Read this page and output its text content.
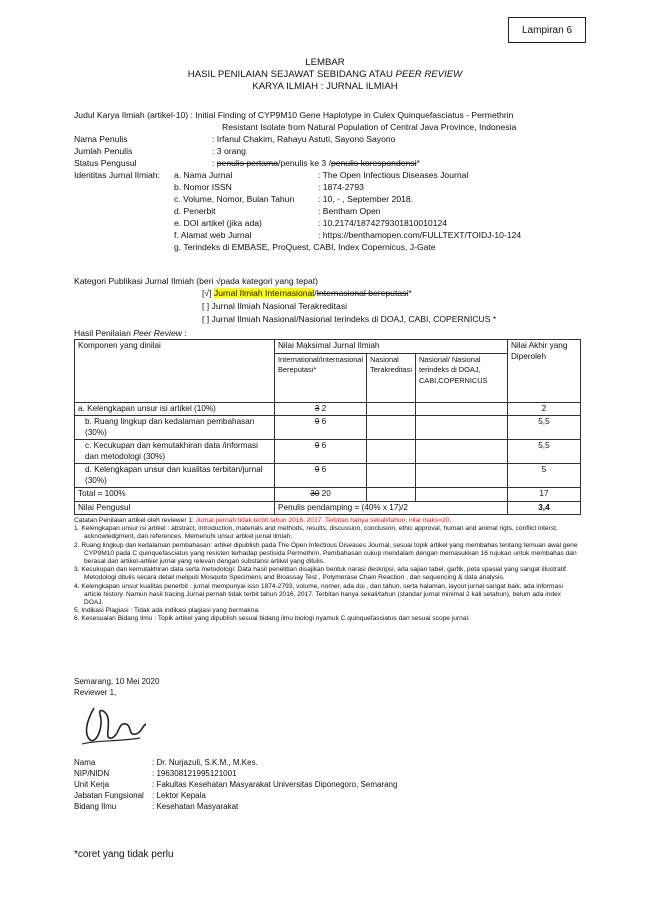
Lampiran 6
LEMBAR
HASIL PENILAIAN SEJAWAT SEBIDANG ATAU PEER REVIEW
KARYA ILMIAH : JURNAL ILMIAH
Judul Karya Ilmiah (artikel-10) : Initial Finding of CYP9M10 Gene Haplotype in Culex Quinquefasciatus - Permethrin
Resistant Isolate from Natural Population of Central Java Province, Indonesia
Nama Penulis	: Irfanul Chakim, Rahayu Astuti, Sayono Sayono
Jumlah Penulis	: 3 orang
Status Pengusul	: penulis pertama/penulis ke 3 /penulis korespondensi*
Identitas Jurnal Ilmiah: a. Nama Jurnal	: The Open Infectious Diseases Journal
b. Nomor ISSN	: 1874-2793
c. Volume, Nomor, Bulan Tahun	: 10, - , September 2018.
d. Penerbit	: Bentham Open
e. DOI artikel (jika ada)	: 10.2174/1874279301810010124
f. Alamat web Jurnal	: https://benthamopen.com/FULLTEXT/TOIDJ-10-124
g. Terindeks di EMBASE, ProQuest, CABI, Index Copernicus, J-Gate
Kategori Publikasi Jurnal Ilmiah (beri √pada kategori yang tepat)
[√] Jurnal Ilmiah Internasional/Internasional bereputasi*
[ ] Jurnal Ilmiah Nasional Terakreditasi
[ ] Jurnal Ilmiah Nasional/Nasional terindeks di DOAJ, CABI, COPERNICUS *
Hasil Penilaian Peer Review :
Komponen yang dinilai	Nilai Maksimal Jurnal Ilmiah			Nilai Akhir yang Diperoleh
	International/Internasional Bereputasi*	Nasional Terakreditasi	Nasional/ Nasional terindeks di DOAJ, CABI,COPERNICUS	
a. Kelengkapan unsur isi artikel (10%)	3 2			2
b. Ruang lingkup dan kedalaman pembahasan (30%)	9 6			5,5
c. Kecukupan dan kemutakhiran data /informasi dan metodologi (30%)	9 6			5,5
d. Kelengkapan unsur dan kualitas terbitan/jurnal (30%)	9 6			5
Total = 100%	30 20			17
Nilai Pengusul	Penulis pendamping = (40% x 17)/2			3,4

Catatan Penilaian artikel oleh reviewer 1: Jurnal pernah tidak terbit tahun 2016, 2017. Terbitan hanya sekali/tahun, nilai maks=20.

1. Kelengkapan unsur isi artikel : abstract, introduction, materials and methods, results, discussion, conclusion, ethic approval, human and animal rigts, conflict interst, acknowledgment, dan references. Memenuhi unsur artikel jurnal ilmiah.

2. Ruang lingkup dan kedalaman pembahasan: artikel dipublish pada The Open Infectious Diseases Journal, sesuai topik artikel yang membahas tentang temuan awal gene CYP9M10 pada C quinquefasciatus yang resisten terhadap pestisida Permethrin. Pembahasan cukup mendalam dengan memasukkan 16 rujukan untuk membahas dan berasal dari artikel-artikel jurnal yang relevan dengan substansi artikel yang ditulis.

3. Kecukupan dan kemutakhiran data serta metodologi: Data hasil penelitian disajikan bentuk narasi deskripsi, ada sajian tabel, garfik, peta spasial yang sangat illustratif. Metodologi ditulis secara detail meliputi Mosquito Specimens and Bioassay Test , Polymerase Chain Reaction , dan sequencing & data analysis.

4. Kelengkapan unsur kualitas penerbit : jurnal mempunyai issn 1874-2793, volume, nomer, ada doi , dan tahun, serta halaman, layout jurnal sangat baik, ada informasi article history. Namun hasil tracing Jurnal pernah tidak terbit tahun 2016, 2017. Terbitan hanya sekali/tahun (standar jurnal minimal 2 kali setahun), belum ada index DOAJ.

5. Indikasi Plagiasi : Tidak ada indikasi plagiasi yang bermakna.

6. Kesesuaian Bidang Ilmu : Topik artikel yang dipublish sesuai bidang ilmu biologi nyamuk C quinquefasciatus dan sesuai scope jurnal.

Semarang, 10 Mei 2020
Reviewer 1,
Nama	: Dr. Nurjazuli, S.K.M., M.Kes.
NIP/NIDN	: 196308121995121001
Unit Kerja	: Fakultas Kesehatan Masyarakat Universitas Diponegoro, Semarang
Jabatan Fungsional : Lektor Kepala
Bidang Ilmu	: Kesehatan Masyarakat
*coret yang tidak perlu
